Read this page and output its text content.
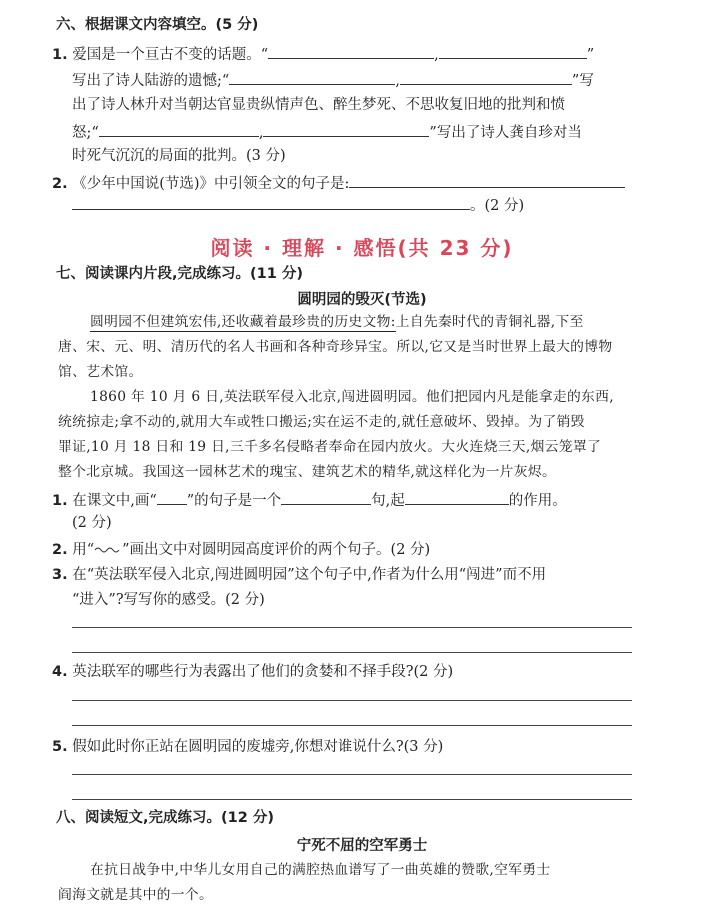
六、根据课文内容填空。(5 分)
1. 爱国是一个亘古不变的话题。“	,	”
写出了诗人陆游的遗憾;“	,	”写
出了诗人林升对当朝达官显贵纵情声色、醉生梦死、不思收复旧地的批判和愤
怒;“	,	”写出了诗人龚自珍对当
时死气沉沉的局面的批判。(3 分)
2. 《少年中国说(节选)》中引领全文的句子是:
。(2 分)
阅读 · 理解 · 感悟(共 23 分)
七、阅读课内片段,完成练习。(11 分)
圆明园的毁灭(节选)
圆明园不但建筑宏伟,还收藏着最珍贵的历史文物:上自先秦时代的青铜礼器,下至
唐、宋、元、明、清历代的名人书画和各种奇珍异宝。所以,它又是当时世界上最大的博物
馆、艺术馆。
1860 年 10 月 6 日,英法联军侵入北京,闯进圆明园。他们把园内凡是能拿走的东西,
统统掠走;拿不动的,就用大车或牲口搬运;实在运不走的,就任意破坏、毁掉。为了销毁
罪证,10 月 18 日和 19 日,三千多名侵略者奉命在园内放火。大火连烧三天,烟云笼罩了
整个北京城。我国这一园林艺术的瑰宝、建筑艺术的精华,就这样化为一片灰烬。
1. 在课文中,画“ ”的句子是一个	句,起	的作用。
(2 分)
2. 用“ ”画出文中对圆明园高度评价的两个句子。(2 分)
3. 在“英法联军侵入北京,闯进圆明园”这个句子中,作者为什么用“闯进”而不用
“进入”?写写你的感受。(2 分)
4. 英法联军的哪些行为表露出了他们的贪婪和不择手段?(2 分)
5. 假如此时你正站在圆明园的废墟旁,你想对谁说什么?(3 分)
八、阅读短文,完成练习。(12 分)
宁死不屈的空军勇士
在抗日战争中,中华儿女用自己的满腔热血谱写了一曲英雄的赞歌,空军勇士
阎海文就是其中的一个。
